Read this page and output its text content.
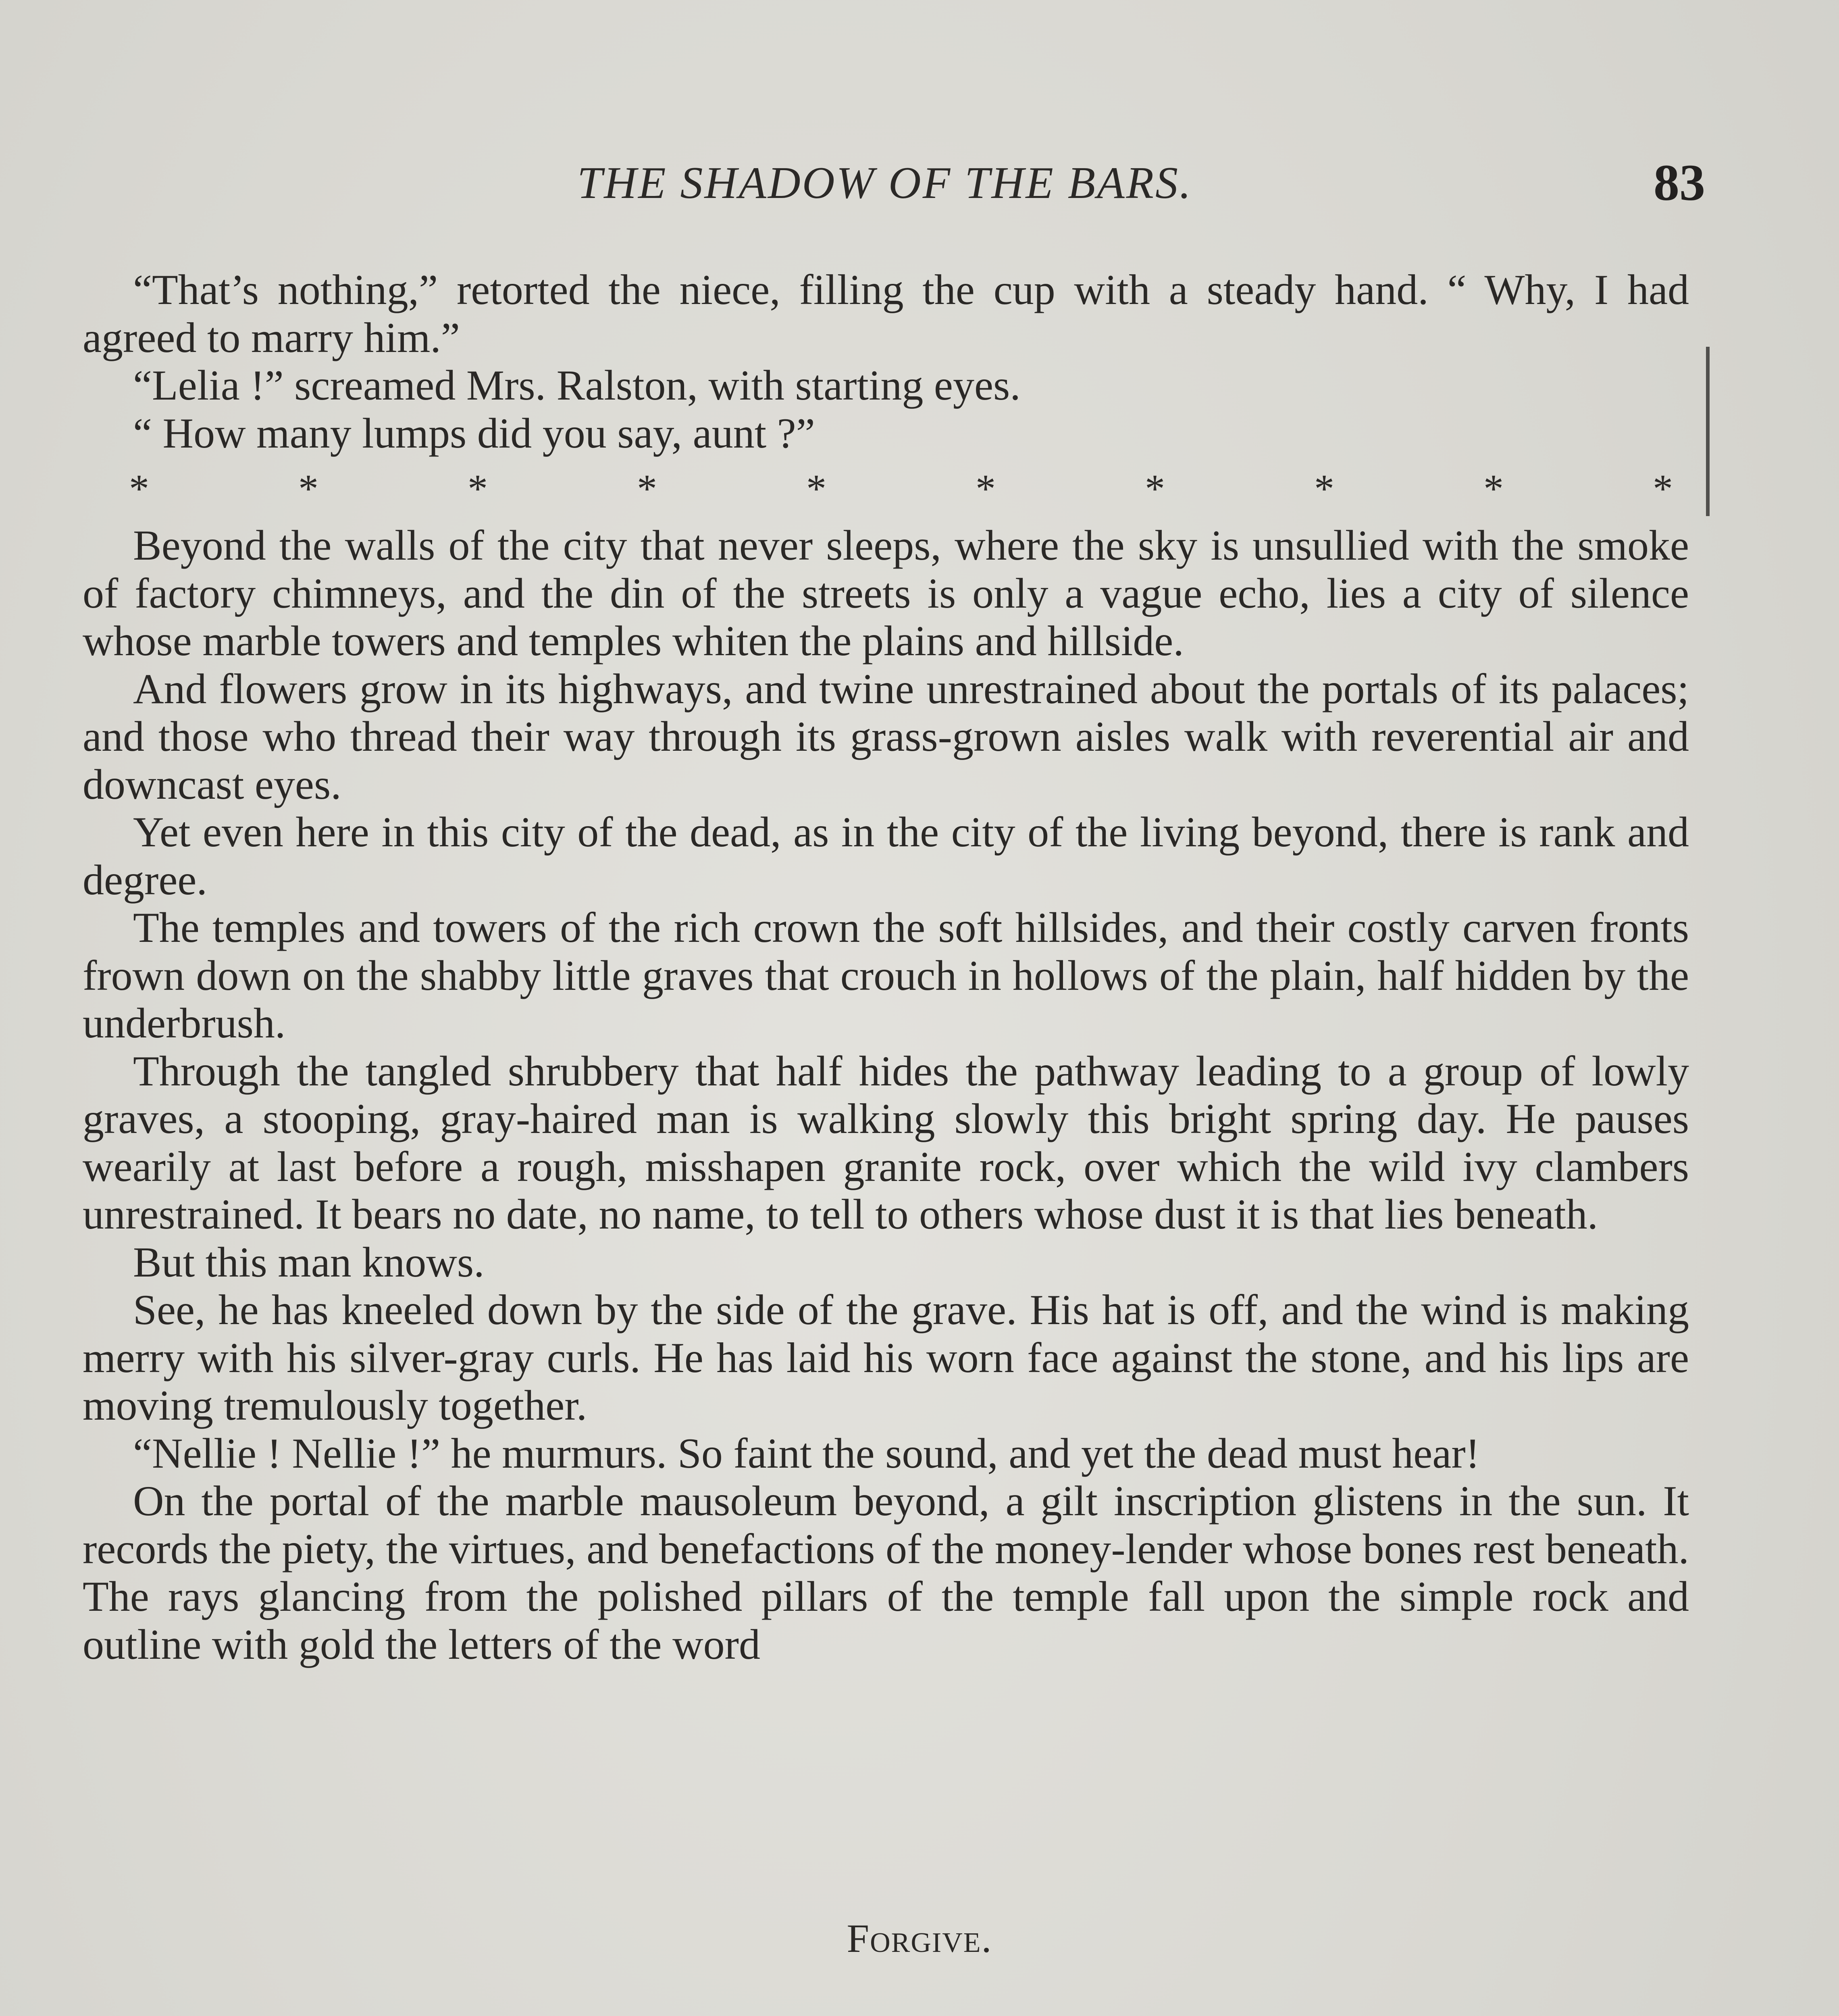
THE SHADOW OF THE BARS.	83

“That’s nothing,” retorted the niece, filling the cup with a steady hand. “ Why, I had agreed to marry him.”

“Lelia !” screamed Mrs. Ralston, with starting eyes.

“ How many lumps did you say, aunt ?”

*	*	*	*	*	*	*	*	*	*

Beyond the walls of the city that never sleeps, where the sky is unsullied with the smoke of factory chimneys, and the din of the streets is only a vague echo, lies a city of silence whose marble towers and temples whiten the plains and hillside.

And flowers grow in its highways, and twine unrestrained about the portals of its palaces; and those who thread their way through its grass-grown aisles walk with reverential air and downcast eyes.

Yet even here in this city of the dead, as in the city of the living beyond, there is rank and degree.

The temples and towers of the rich crown the soft hillsides, and their costly carven fronts frown down on the shabby little graves that crouch in hollows of the plain, half hidden by the underbrush.

Through the tangled shrubbery that half hides the pathway leading to a group of lowly graves, a stooping, gray-haired man is walking slowly this bright spring day. He pauses wearily at last before a rough, misshapen granite rock, over which the wild ivy clambers unrestrained. It bears no date, no name, to tell to others whose dust it is that lies beneath.

But this man knows.

See, he has kneeled down by the side of the grave. His hat is off, and the wind is making merry with his silver-gray curls. He has laid his worn face against the stone, and his lips are moving tremulously together.

“Nellie ! Nellie !” he murmurs. So faint the sound, and yet the dead must hear!

On the portal of the marble mausoleum beyond, a gilt inscription glistens in the sun. It records the piety, the virtues, and benefactions of the money-lender whose bones rest beneath. The rays glancing from the polished pillars of the temple fall upon the simple rock and outline with gold the letters of the word

Forgive.
